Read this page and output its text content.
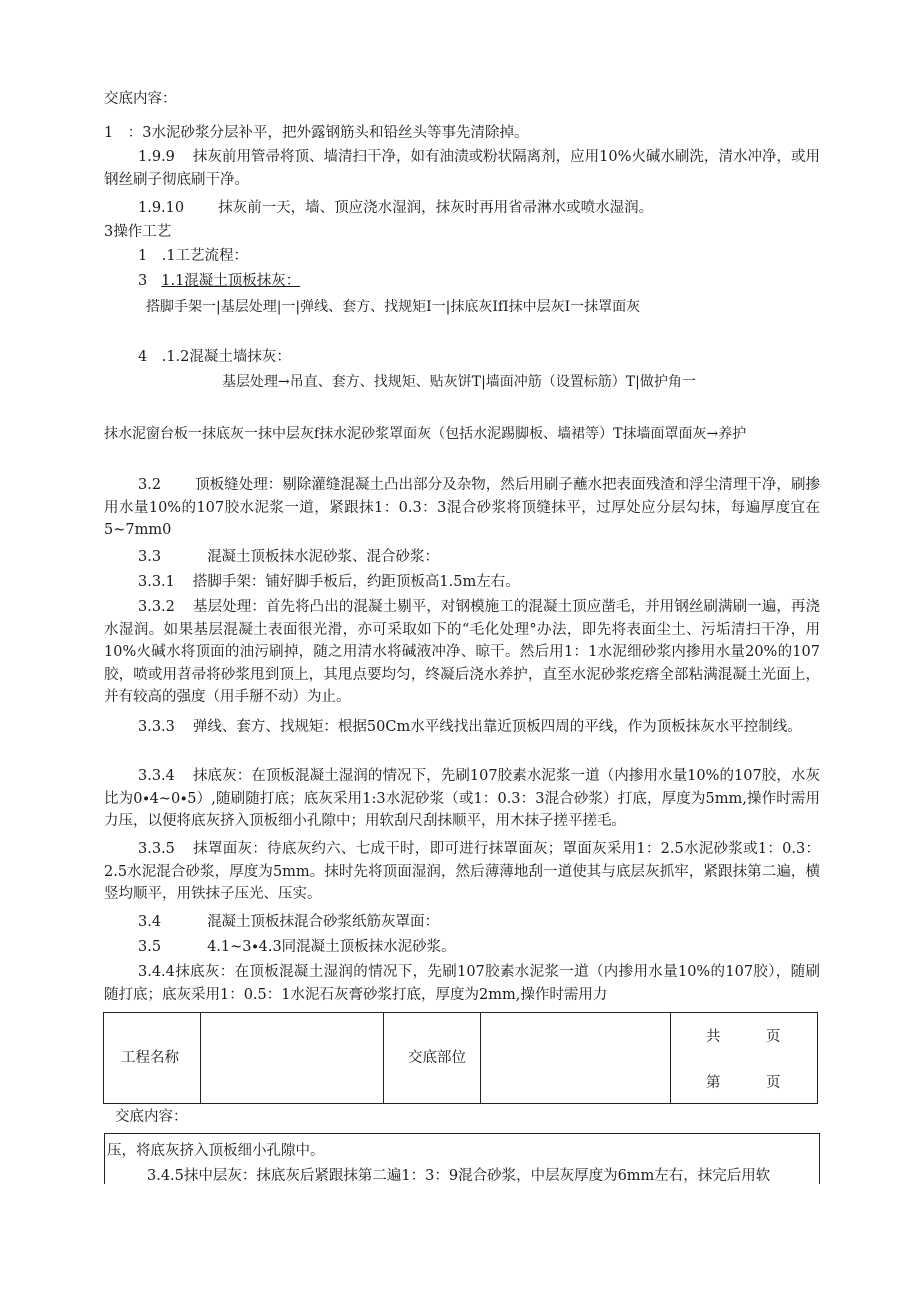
交底内容：
1　：3水泥砂浆分层补平，把外露钢筋头和铅丝头等事先清除掉。
1.9.9 抹灰前用管帚将顶、墙清扫干净，如有油渍或粉状隔离剂，应用10%火碱水刷洗，清水冲净，或用钢丝刷子彻底刷干净。
1.9.10 抹灰前一天，墙、顶应浇水湿润，抹灰时再用省帚淋水或喷水湿润。
3操作工艺
1　.1工艺流程：
3 1.1混凝土顶板抹灰：
搭脚手架一|基层处理|一|弹线、套方、找规矩I一|抹底灰IfI抹中层灰I一抹罩面灰
4　.1.2混凝土墙抹灰：
基层处理→吊直、套方、找规矩、贴灰饼T|墙面冲筋（设置标筋）T|做护角一
抹水泥窗台板一抹底灰一抹中层灰f抹水泥砂浆罩面灰（包括水泥踢脚板、墙裙等）T抹墙面罩面灰→养护
3.2 顶板缝处理：剔除灌缝混凝土凸出部分及杂物，然后用刷子蘸水把表面残渣和浮尘清理干净，刷掺用水量10%的107胶水泥浆一道，紧跟抹1：0.3：3混合砂浆将顶缝抹平，过厚处应分层勾抹，每遍厚度宜在5~7mm0
3.3	混凝土顶板抹水泥砂浆、混合砂浆：
3.3.1 搭脚手架：铺好脚手板后，约距顶板高1.5m左右。
3.3.2 基层处理：首先将凸出的混凝土剔平，对钢模施工的混凝土顶应凿毛，并用钢丝刷满刷一遍，再浇水湿润。如果基层混凝土表面很光滑，亦可采取如下的“毛化处理°办法，即先将表面尘土、污垢清扫干净，用10%火碱水将顶面的油污刷掉，随之用清水将碱液冲净、晾干。然后用1：1水泥细砂浆内掺用水量20%的107胶，喷或用苕帚将砂浆甩到顶上，其甩点要均匀，终凝后浇水养护，直至水泥砂浆疙瘩全部粘满混凝土光面上，并有较高的强度（用手掰不动）为止。
3.3.3 弹线、套方、找规矩：根据50Cm水平线找出靠近顶板四周的平线，作为顶板抹灰水平控制线。
3.3.4 抹底灰：在顶板混凝土湿润的情况下，先刷107胶素水泥浆一道（内掺用水量10%的107胶，水灰比为0∙4~0∙5）,随刷随打底；底灰采用1:3水泥砂浆（或1：0.3：3混合砂浆）打底，厚度为5mm,操作时需用力压，以便将底灰挤入顶板细小孔隙中；用软刮尺刮抹顺平，用木抹子搓平搓毛。
3.3.5 抹罩面灰：待底灰约六、七成干时，即可进行抹罩面灰；罩面灰采用1：2.5水泥砂浆或1：0.3：2.5水泥混合砂浆，厚度为5mm。抹时先将顶面湿润，然后薄薄地刮一道使其与底层灰抓牢，紧跟抹第二遍，横竖均顺平，用铁抹子压光、压实。
3.4	混凝土顶板抹混合砂浆纸筋灰罩面：
3.5	4.1~3∙4.3同混凝土顶板抹水泥砂浆。
3.4.4抹底灰：在顶板混凝土湿润的情况下，先刷107胶素水泥浆一道（内掺用水量10%的107胶），随刷随打底；底灰采用1：0.5：1水泥石灰膏砂浆打底，厚度为2mm,操作时需用力
工程名称	交底部位
共	页
第	页
交底内容：
压，将底灰挤入顶板细小孔隙中。
3.4.5抹中层灰：抹底灰后紧跟抹第二遍1：3：9混合砂浆，中层灰厚度为6mm左右，抹完后用软
